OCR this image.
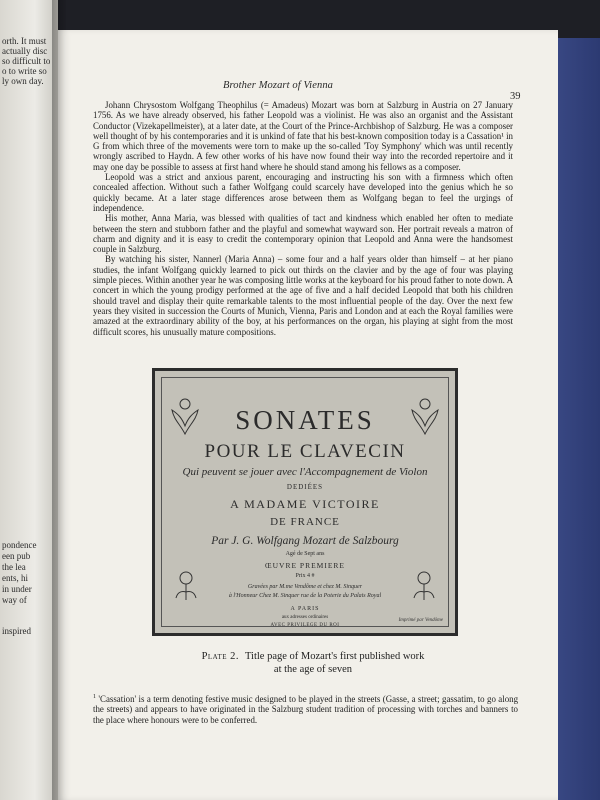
orth. It must
actually disc
so difficult to
o to write so
ly own day.
pondence
een pub
the lea
ents, hi
in under
way of
inspired
Brother Mozart of Vienna
39

Johann Chrysostom Wolfgang Theophilus (= Amadeus) Mozart was born at Salzburg in Austria on 27 January 1756. As we have already observed, his father Leopold was a violinist. He was also an organist and the Assistant Conductor (Vizekapellmeister), at a later date, at the Court of the Prince-Archbishop of Salzburg. He was a composer well thought of by his contemporaries and it is unkind of fate that his best-known composition today is a Cassation¹ in G from which three of the movements were torn to make up the so-called 'Toy Symphony' which was until recently wrongly ascribed to Haydn. A few other works of his have now found their way into the recorded repertoire and it may one day be possible to assess at first hand where he should stand among his fellows as a composer.

Leopold was a strict and anxious parent, encouraging and instructing his son with a firmness which often concealed affection. Without such a father Wolfgang could scarcely have developed into the genius which he so quickly became. At a later stage differences arose between them as Wolfgang began to feel the urgings of independence.

His mother, Anna Maria, was blessed with qualities of tact and kindness which enabled her often to mediate between the stern and stubborn father and the playful and somewhat wayward son. Her portrait reveals a matron of charm and dignity and it is easy to credit the contemporary opinion that Leopold and Anna were the handsomest couple in Salzburg.

By watching his sister, Nannerl (Maria Anna) – some four and a half years older than himself – at her piano studies, the infant Wolfgang quickly learned to pick out thirds on the clavier and by the age of four was playing simple pieces. Within another year he was composing little works at the keyboard for his proud father to note down. A concert in which the young prodigy performed at the age of five and a half decided Leopold that both his children should travel and display their quite remarkable talents to the most influential people of the day. Over the next few years they visited in succession the Courts of Munich, Vienna, Paris and London and at each the Royal families were amazed at the extraordinary ability of the boy, at his performances on the organ, his playing at sight from the most difficult scores, his unusually mature compositions.

SONATES
POUR LE CLAVECIN
Qui peuvent se jouer avec l'Accompagnement de Violon
DEDIÉES
A MADAME VICTOIRE
DE FRANCE
Par J. G. Wolfgang Mozart de Salzbourg
Agé de Sept ans
ŒUVRE PREMIERE
Prix 4 #
Gravées par M.me Vendôme et chez M. Sinquer
à l'Honneur Chez M. Sinquer rue de la Poterie du Palais Royal
A PARIS
aux adresses ordinaires
AVEC PRIVILEGE DU ROI
Imprimé par Vendôme
Plate 2. Title page of Mozart's first published work
at the age of seven
$^1$ 'Cassation' is a term denoting festive music designed to be played in the streets (Gasse, a street; gassatim, to go along the streets) and appears to have originated in the Salzburg student tradition of processing with torches and banners to the place where honours were to be conferred.
